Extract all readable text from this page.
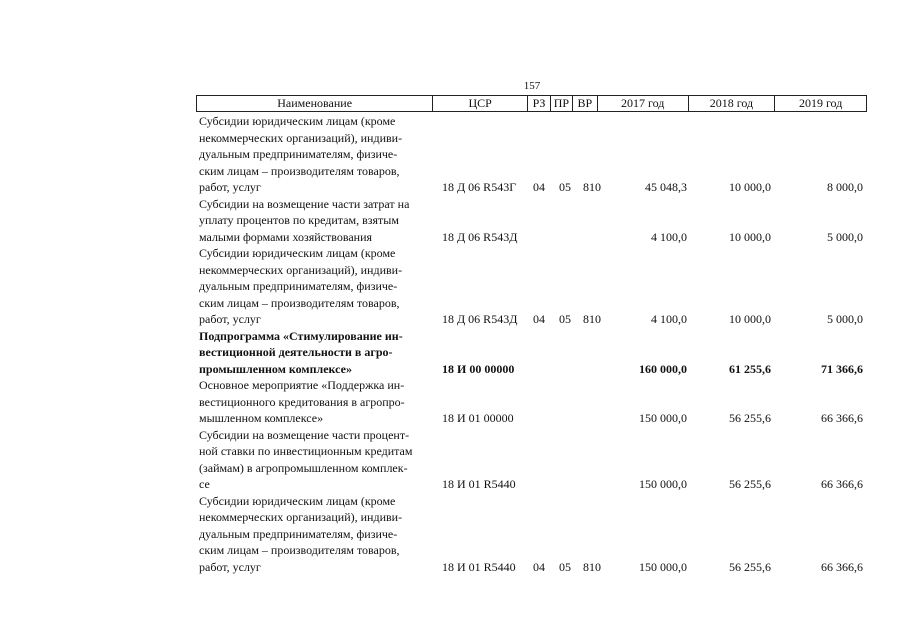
157
Наименование	ЦСР	РЗ ПР ВР	2017 год	2018 год	2019 год
Субсидии юридическим лицам (кроме
некоммерческих организаций), индиви-
дуальным предпринимателям, физиче-
ским лицам – производителям товаров,
работ, услуг	18 Д 06 R543Г 04 05 810	45 048,3	10 000,0	8 000,0
Субсидии на возмещение части затрат на
уплату процентов по кредитам, взятым
малыми формами хозяйствования	18 Д 06 R543Д	4 100,0	10 000,0	5 000,0
Субсидии юридическим лицам (кроме
некоммерческих организаций), индиви-
дуальным предпринимателям, физиче-
ским лицам – производителям товаров,
работ, услуг	18 Д 06 R543Д 04 05 810	4 100,0	10 000,0	5 000,0
Подпрограмма «Стимулирование ин-
вестиционной деятельности в агро-
промышленном комплексе»	18 И 00 00000	160 000,0	61 255,6	71 366,6
Основное мероприятие «Поддержка ин-
вестиционного кредитования в агропро-
мышленном комплексе»	18 И 01 00000	150 000,0	56 255,6	66 366,6
Субсидии на возмещение части процент-
ной ставки по инвестиционным кредитам
(займам) в агропромышленном комплек-
се	18 И 01 R5440	150 000,0	56 255,6	66 366,6
Субсидии юридическим лицам (кроме
некоммерческих организаций), индиви-
дуальным предпринимателям, физиче-
ским лицам – производителям товаров,
работ, услуг	18 И 01 R5440 04 05 810	150 000,0	56 255,6	66 366,6
